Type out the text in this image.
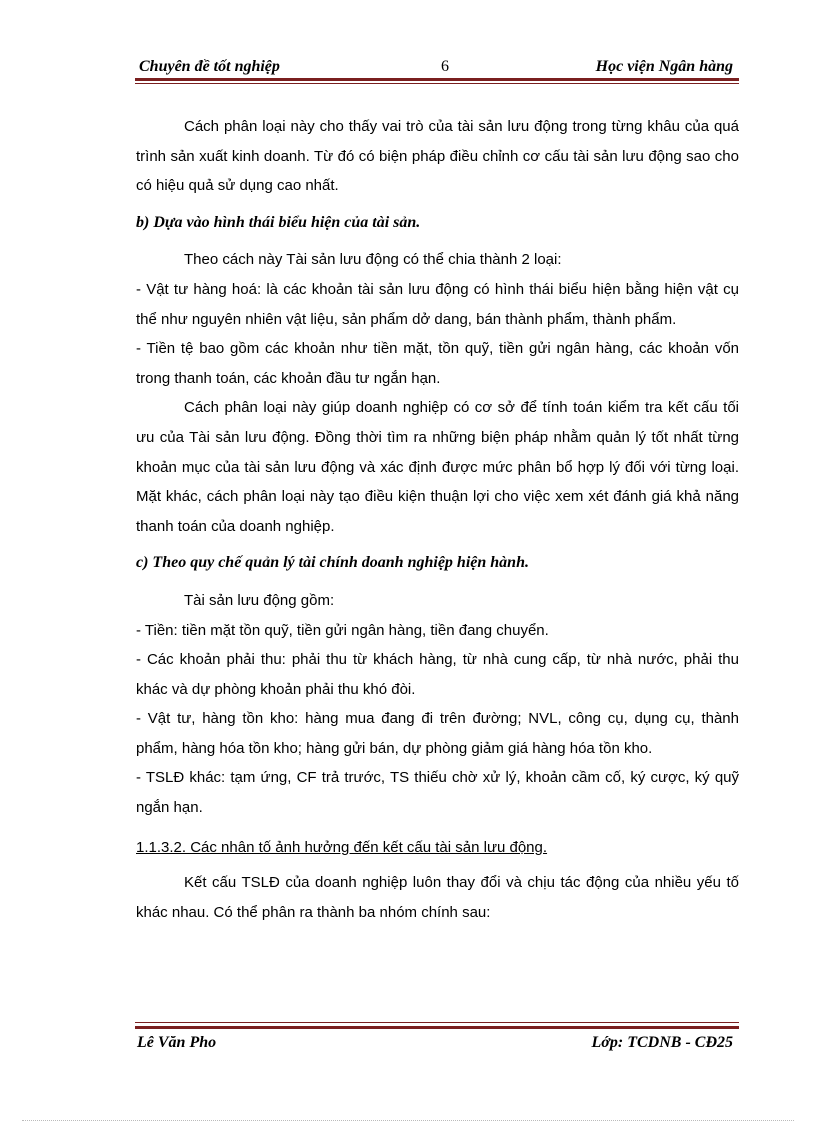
Chuyên đề tốt nghiệp	6	Học viện Ngân hàng

Cách phân loại này cho thấy vai trò của tài sản lưu động trong từng khâu của quá trình sản xuất kinh doanh. Từ đó có biện pháp điều chỉnh cơ cấu tài sản lưu động sao cho có hiệu quả sử dụng cao nhất.

b) Dựa vào hình thái biểu hiện của tài sản.

Theo cách này Tài sản lưu động có thể chia thành 2 loại:

- Vật tư hàng hoá: là các khoản tài sản lưu động có hình thái biểu hiện bằng hiện vật cụ thể như nguyên nhiên vật liệu, sản phẩm dở dang, bán thành phẩm, thành phẩm.

- Tiền tệ bao gồm các khoản như tiền mặt, tồn quỹ, tiền gửi ngân hàng, các khoản vốn trong thanh toán, các khoản đầu tư ngắn hạn.

Cách phân loại này giúp doanh nghiệp có cơ sở để tính toán kiểm tra kết cấu tối ưu của Tài sản lưu động. Đồng thời tìm ra những biện pháp nhằm quản lý tốt nhất từng khoản mục của tài sản lưu động và xác định được mức phân bổ hợp lý đối với từng loại. Mặt khác, cách phân loại này tạo điều kiện thuận lợi cho việc xem xét đánh giá khả năng thanh toán của doanh nghiệp.

c) Theo quy chế quản lý tài chính doanh nghiệp hiện hành.

Tài sản lưu động gồm:

- Tiền: tiền mặt tồn quỹ, tiền gửi ngân hàng, tiền đang chuyển.

- Các khoản phải thu: phải thu từ khách hàng, từ nhà cung cấp, từ nhà nước, phải thu khác và dự phòng khoản phải thu khó đòi.

- Vật tư, hàng tồn kho: hàng mua đang đi trên đường; NVL, công cụ, dụng cụ, thành phẩm, hàng hóa tồn kho; hàng gửi bán, dự phòng giảm giá hàng hóa tồn kho.

- TSLĐ khác: tạm ứng, CF trả trước, TS thiếu chờ xử lý, khoản cầm cố, ký cược, ký quỹ ngắn hạn.

1.1.3.2. Các nhân tố ảnh hưởng đến kết cấu tài sản lưu động.

Kết cấu TSLĐ của doanh nghiệp luôn thay đổi và chịu tác động của nhiều yếu tố khác nhau. Có thể phân ra thành ba nhóm chính sau:

Lê Văn Pho	Lớp: TCDNB - CĐ25
